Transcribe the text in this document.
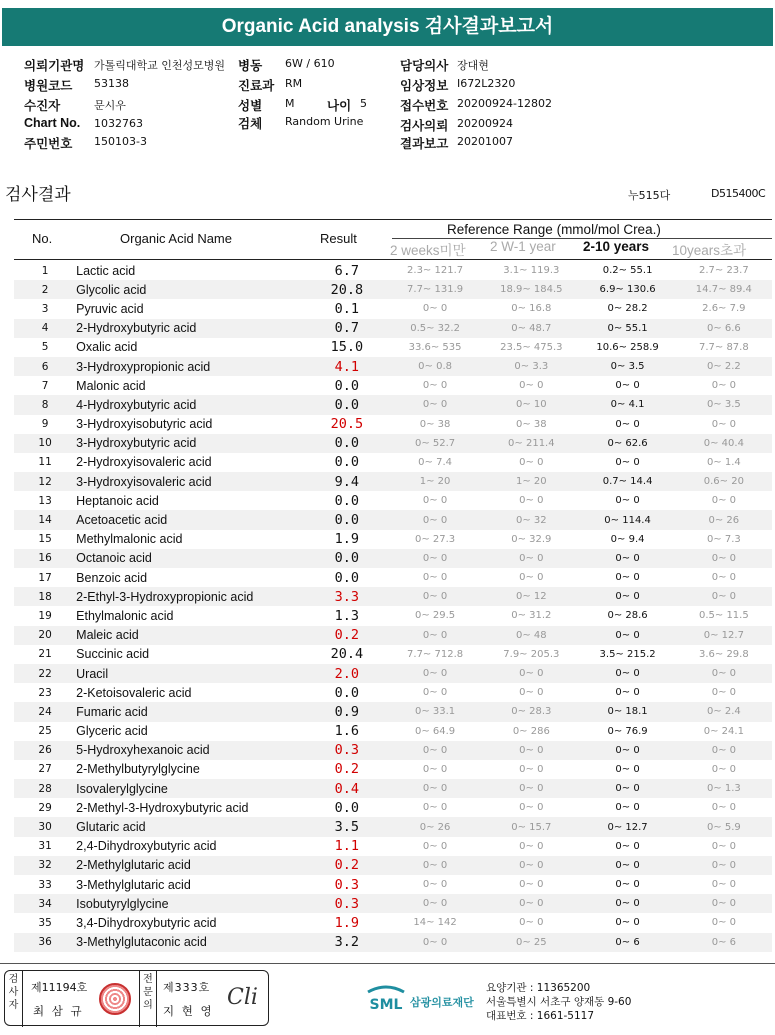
Organic Acid analysis 검사결과보고서
의뢰기관명 가톨릭대학교 인천성모병원 병동 6W / 610	담당의사 장대현
병원코드 53138	진료과 RM	임상정보 I672L2320
수진자	문시우	성별 M	나이 5	접수번호 20200924-12802
Chart No. 1032763	검체 Random Urine	검사의뢰 20200924
주민번호 150103-3	결과보고 20201007
검사결과	누515다	D515400C
No.	Organic Acid Name	Result
Reference Range (mmol/mol Crea.)
2 weeks미만 2 W-1 year 2-10 years 10years초과
1	Lactic acid	6.7	2.3~ 121.7	3.1~ 119.3	0.2~ 55.1	2.7~ 23.7
2	Glycolic acid	20.8	7.7~ 131.9	18.9~ 184.5	6.9~ 130.6	14.7~ 89.4
3	Pyruvic acid	0.1	0~ 0	0~ 16.8	0~ 28.2	2.6~ 7.9
4	2-Hydroxybutyric acid	0.7	0.5~ 32.2	0~ 48.7	0~ 55.1	0~ 6.6
5	Oxalic acid	15.0	33.6~ 535	23.5~ 475.3	10.6~ 258.9	7.7~ 87.8
6	3-Hydroxypropionic acid	4.1	0~ 0.8	0~ 3.3	0~ 3.5	0~ 2.2
7	Malonic acid	0.0	0~ 0	0~ 0	0~ 0	0~ 0
8	4-Hydroxybutyric acid	0.0	0~ 0	0~ 10	0~ 4.1	0~ 3.5
9	3-Hydroxyisobutyric acid	20.5	0~ 38	0~ 38	0~ 0	0~ 0
10	3-Hydroxybutyric acid	0.0	0~ 52.7	0~ 211.4	0~ 62.6	0~ 40.4
11	2-Hydroxyisovaleric acid	0.0	0~ 7.4	0~ 0	0~ 0	0~ 1.4
12	3-Hydroxyisovaleric acid	9.4	1~ 20	1~ 20	0.7~ 14.4	0.6~ 20
13	Heptanoic acid	0.0	0~ 0	0~ 0	0~ 0	0~ 0
14	Acetoacetic acid	0.0	0~ 0	0~ 32	0~ 114.4	0~ 26
15	Methylmalonic acid	1.9	0~ 27.3	0~ 32.9	0~ 9.4	0~ 7.3
16	Octanoic acid	0.0	0~ 0	0~ 0	0~ 0	0~ 0
17	Benzoic acid	0.0	0~ 0	0~ 0	0~ 0	0~ 0
18	2-Ethyl-3-Hydroxypropionic acid	3.3	0~ 0	0~ 12	0~ 0	0~ 0
19	Ethylmalonic acid	1.3	0~ 29.5	0~ 31.2	0~ 28.6	0.5~ 11.5
20	Maleic acid	0.2	0~ 0	0~ 48	0~ 0	0~ 12.7
21	Succinic acid	20.4	7.7~ 712.8	7.9~ 205.3	3.5~ 215.2	3.6~ 29.8
22	Uracil	2.0	0~ 0	0~ 0	0~ 0	0~ 0
23	2-Ketoisovaleric acid	0.0	0~ 0	0~ 0	0~ 0	0~ 0
24	Fumaric acid	0.9	0~ 33.1	0~ 28.3	0~ 18.1	0~ 2.4
25	Glyceric acid	1.6	0~ 64.9	0~ 286	0~ 76.9	0~ 24.1
26	5-Hydroxyhexanoic acid	0.3	0~ 0	0~ 0	0~ 0	0~ 0
27	2-Methylbutyrylglycine	0.2	0~ 0	0~ 0	0~ 0	0~ 0
28	Isovalerylglycine	0.4	0~ 0	0~ 0	0~ 0	0~ 1.3
29	2-Methyl-3-Hydroxybutyric acid	0.0	0~ 0	0~ 0	0~ 0	0~ 0
30	Glutaric acid	3.5	0~ 26	0~ 15.7	0~ 12.7	0~ 5.9
31	2,4-Dihydroxybutyric acid	1.1	0~ 0	0~ 0	0~ 0	0~ 0
32	2-Methylglutaric acid	0.2	0~ 0	0~ 0	0~ 0	0~ 0
33	3-Methylglutaric acid	0.3	0~ 0	0~ 0	0~ 0	0~ 0
34	Isobutyrylglycine	0.3	0~ 0	0~ 0	0~ 0	0~ 0
35	3,4-Dihydroxybutyric acid	1.9	14~ 142	0~ 0	0~ 0	0~ 0
36	3-Methylglutaconic acid	3.2	0~ 0	0~ 25	0~ 6	0~ 6
검사자
제11194호
최 삼 규
전문의
제333호
지 현 영
Cli	SML 삼광의료재단
요양기관 : 11365200
서울특별시 서초구 양재동 9-60
대표번호 : 1661-5117
